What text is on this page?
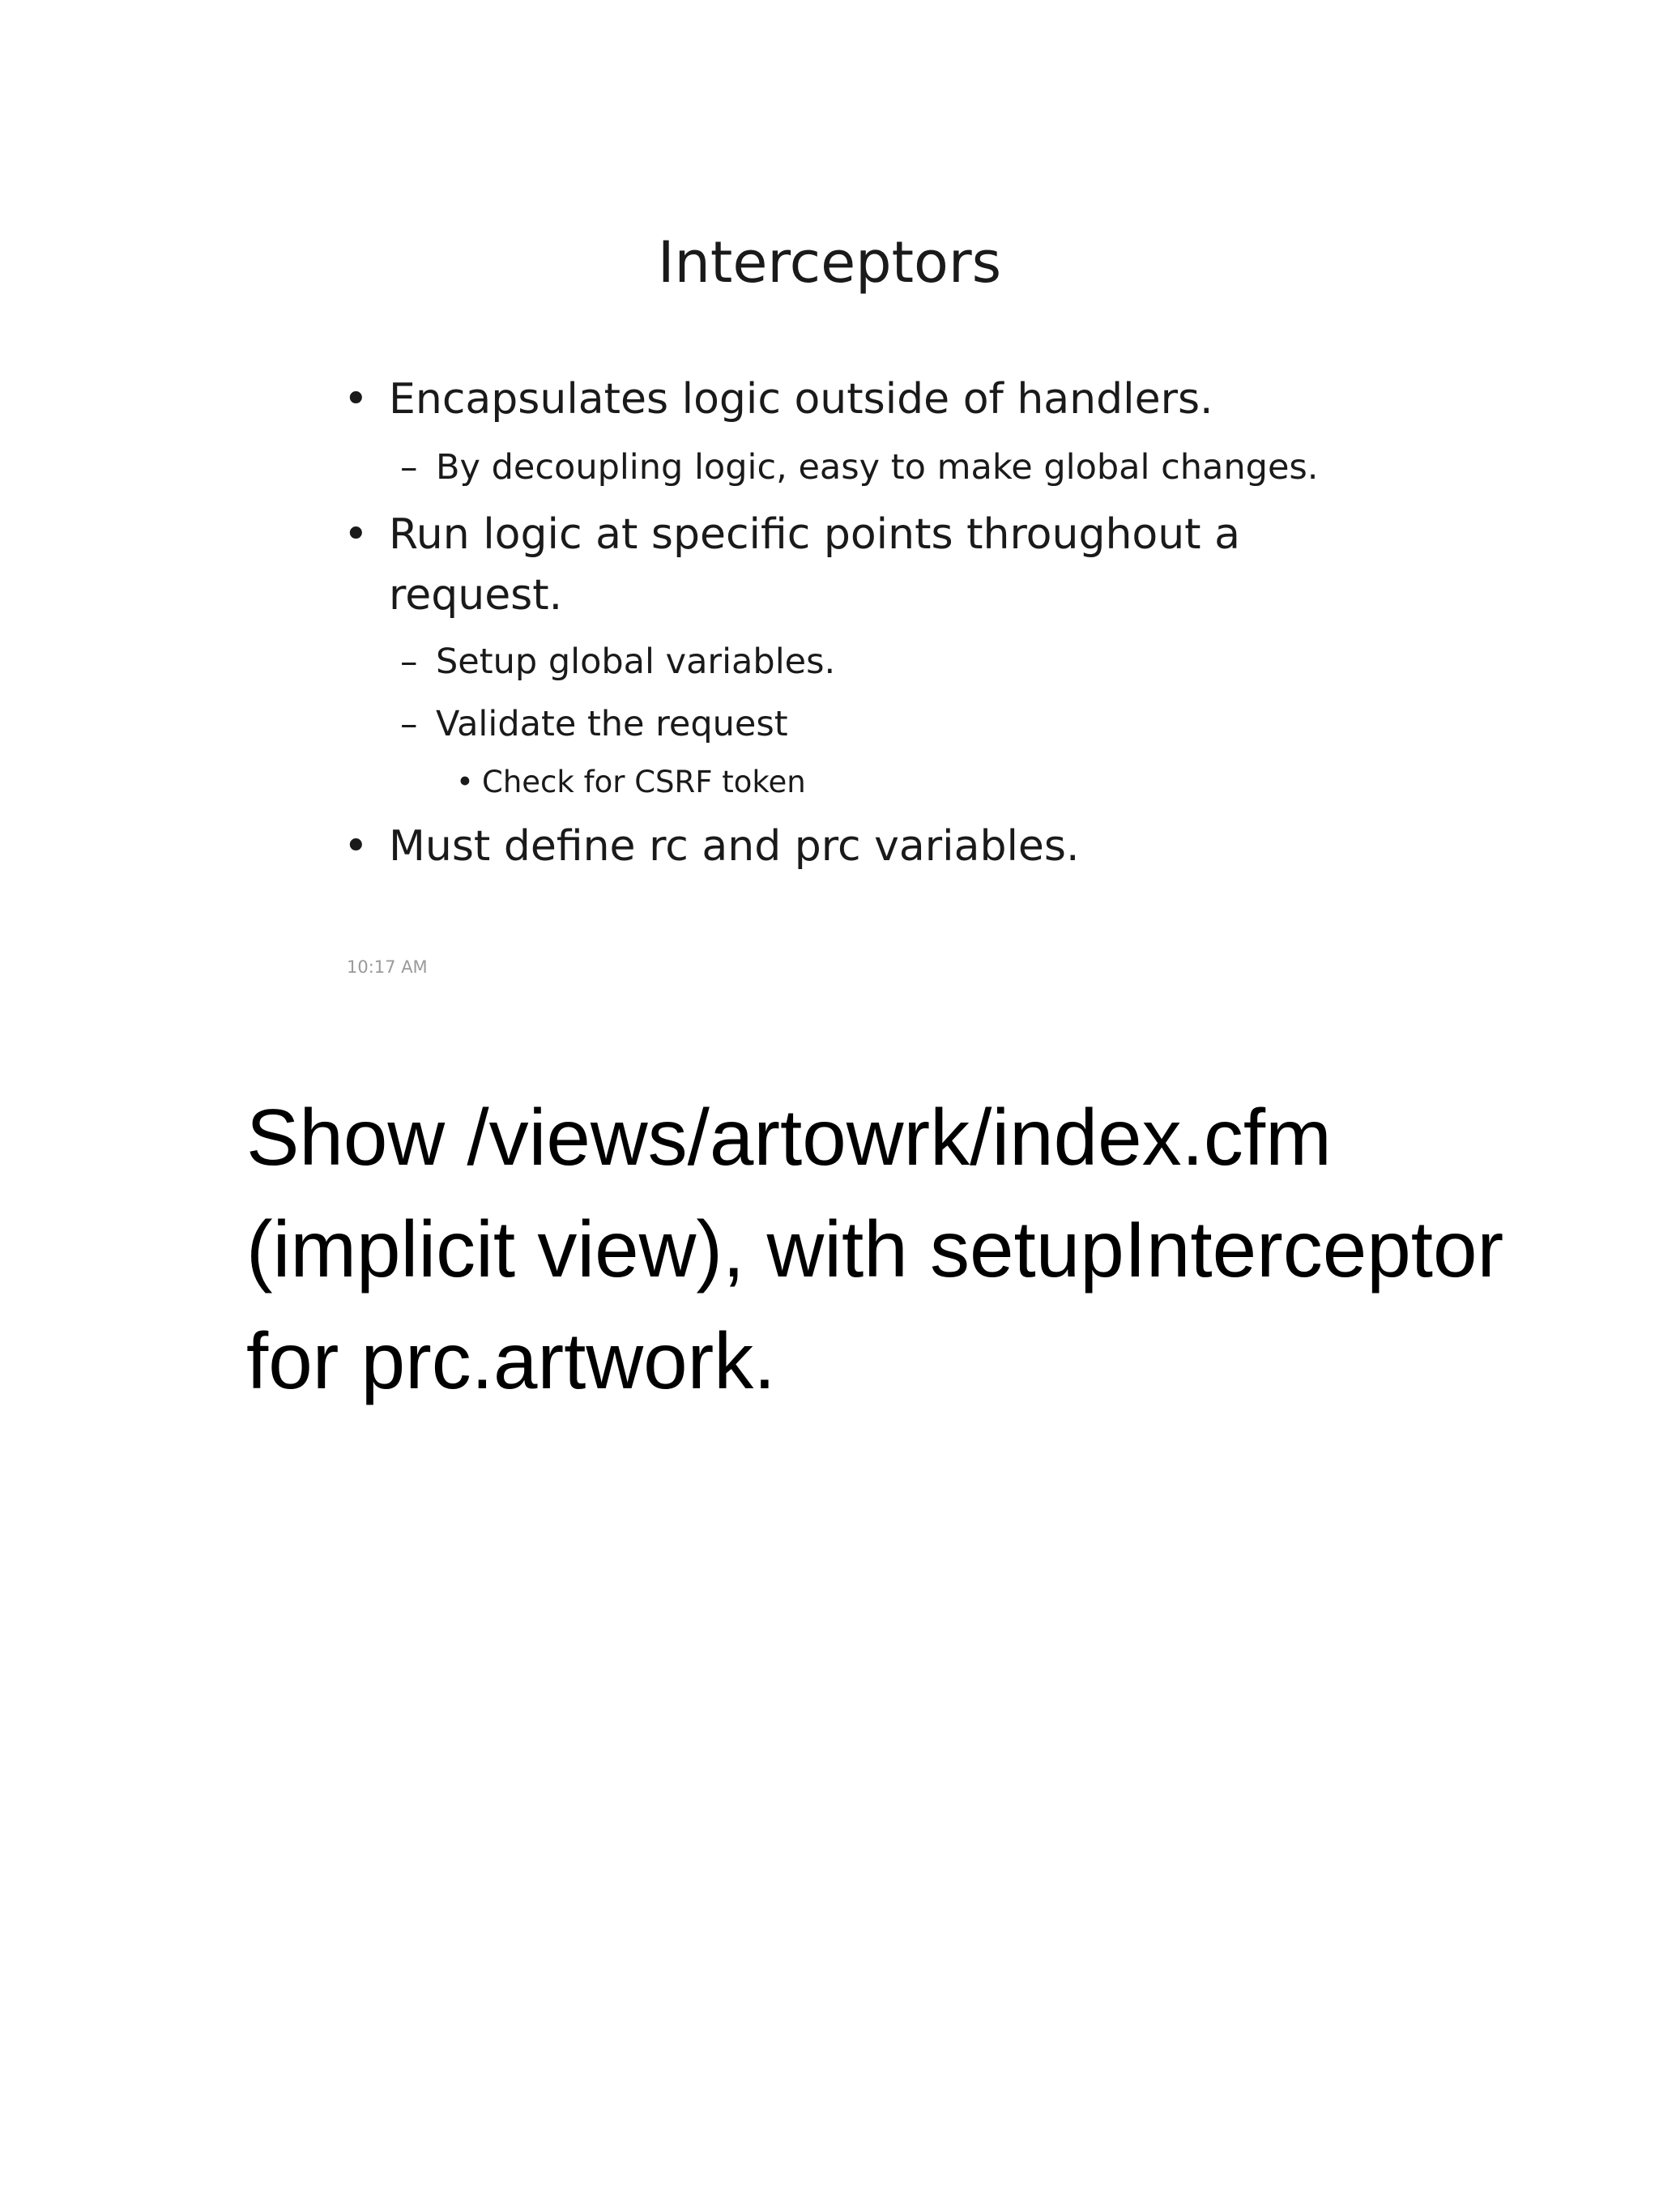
Interceptors
• Encapsulates logic outside of handlers.
– By decoupling logic, easy to make global changes.
• Run logic at specific points throughout a
request.
– Setup global variables.
– Validate the request
• Check for CSRF token
• Must define rc and prc variables.
10:17 AM
Show /views/artowrk/index.cfm
(implicit view), with setupInterceptor
for prc.artwork.
